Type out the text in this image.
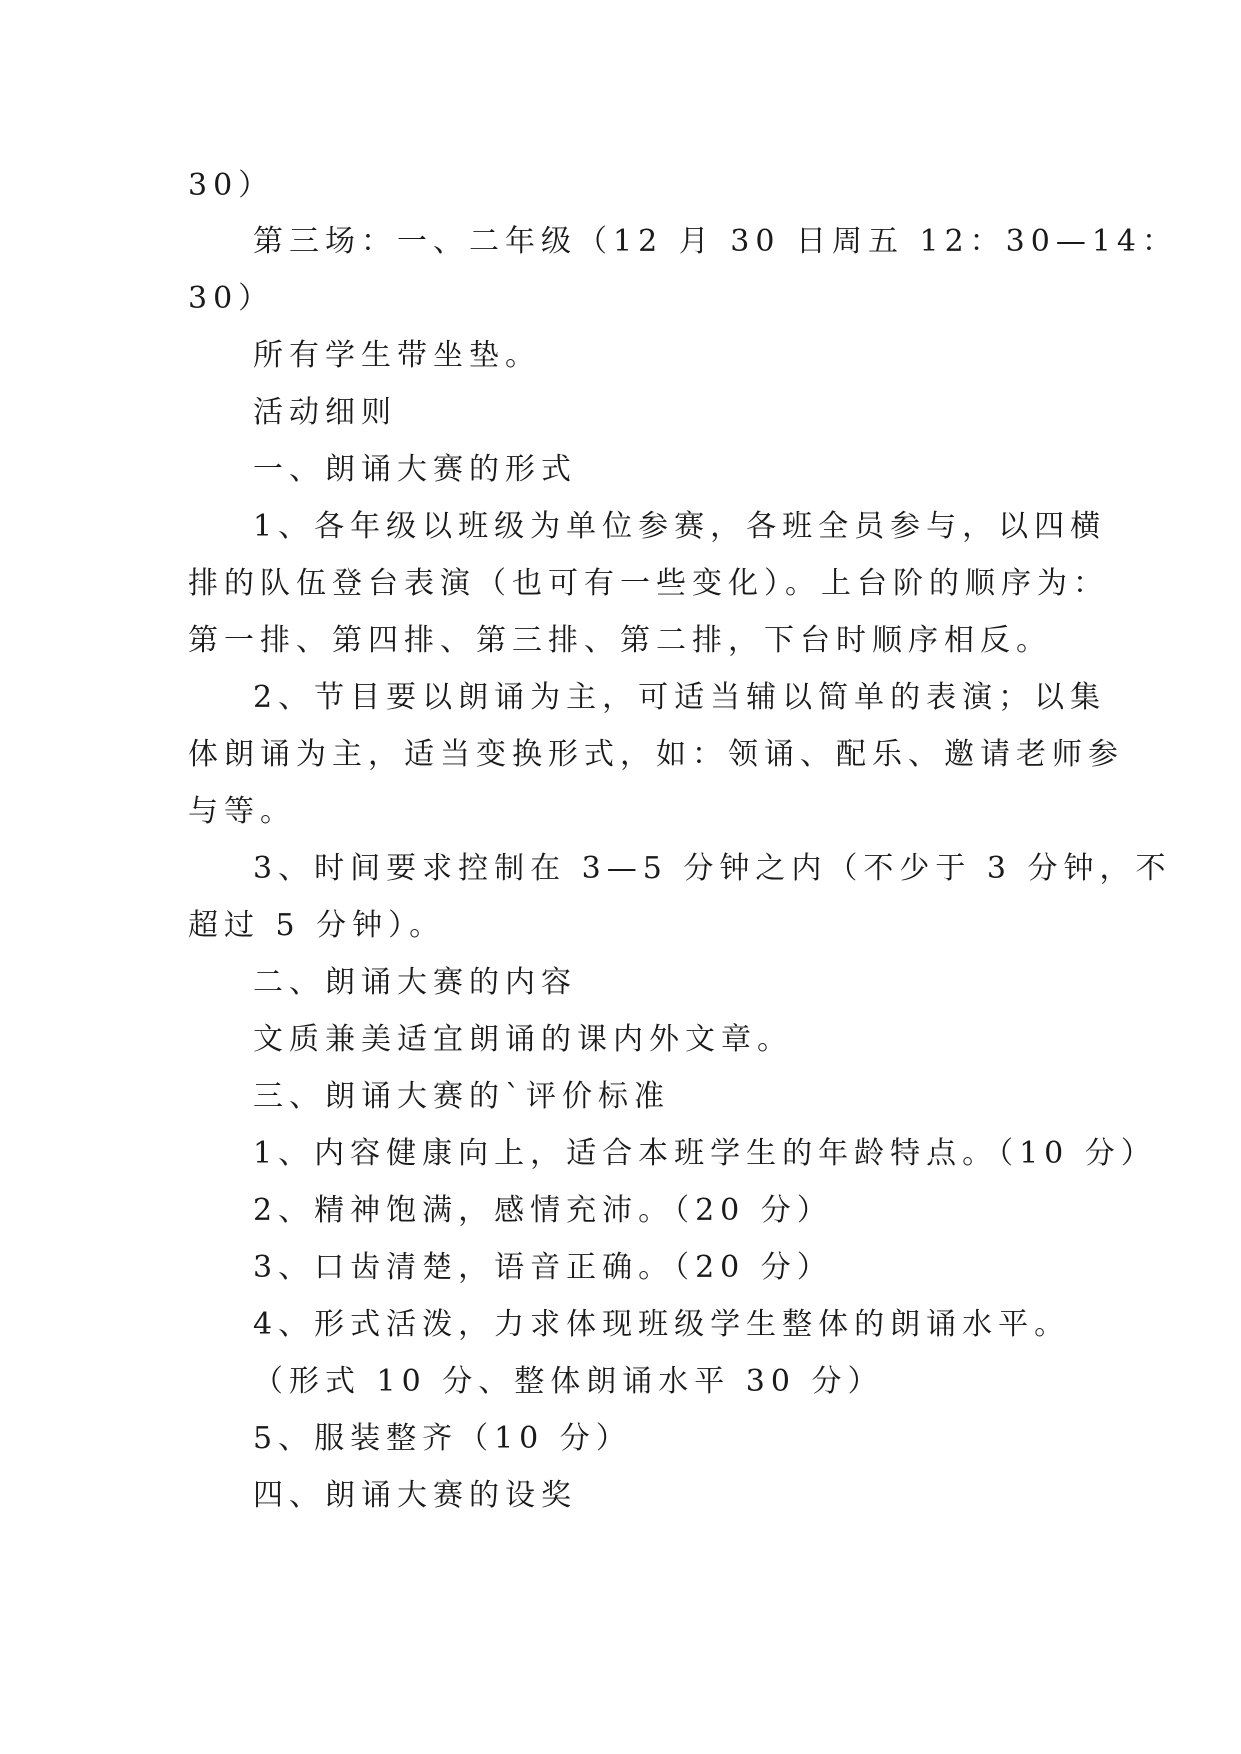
30）
第三场：一、二年级（12 月 30 日周五 12：30—14：
30）
所有学生带坐垫。
活动细则
一、朗诵大赛的形式
1、各年级以班级为单位参赛，各班全员参与，以四横
排的队伍登台表演（也可有一些变化）。上台阶的顺序为：
第一排、第四排、第三排、第二排，下台时顺序相反。
2、节目要以朗诵为主，可适当辅以简单的表演；以集
体朗诵为主，适当变换形式，如：领诵、配乐、邀请老师参
与等。
3、时间要求控制在 3—5 分钟之内（不少于 3 分钟，不
超过 5 分钟）。
二、朗诵大赛的内容
文质兼美适宜朗诵的课内外文章。
三、朗诵大赛的`评价标准
1、内容健康向上，适合本班学生的年龄特点。（10 分）
2、精神饱满，感情充沛。（20 分）
3、口齿清楚，语音正确。（20 分）
4、形式活泼，力求体现班级学生整体的朗诵水平。
（形式 10 分、整体朗诵水平 30 分）
5、服装整齐（10 分）
四、朗诵大赛的设奖
